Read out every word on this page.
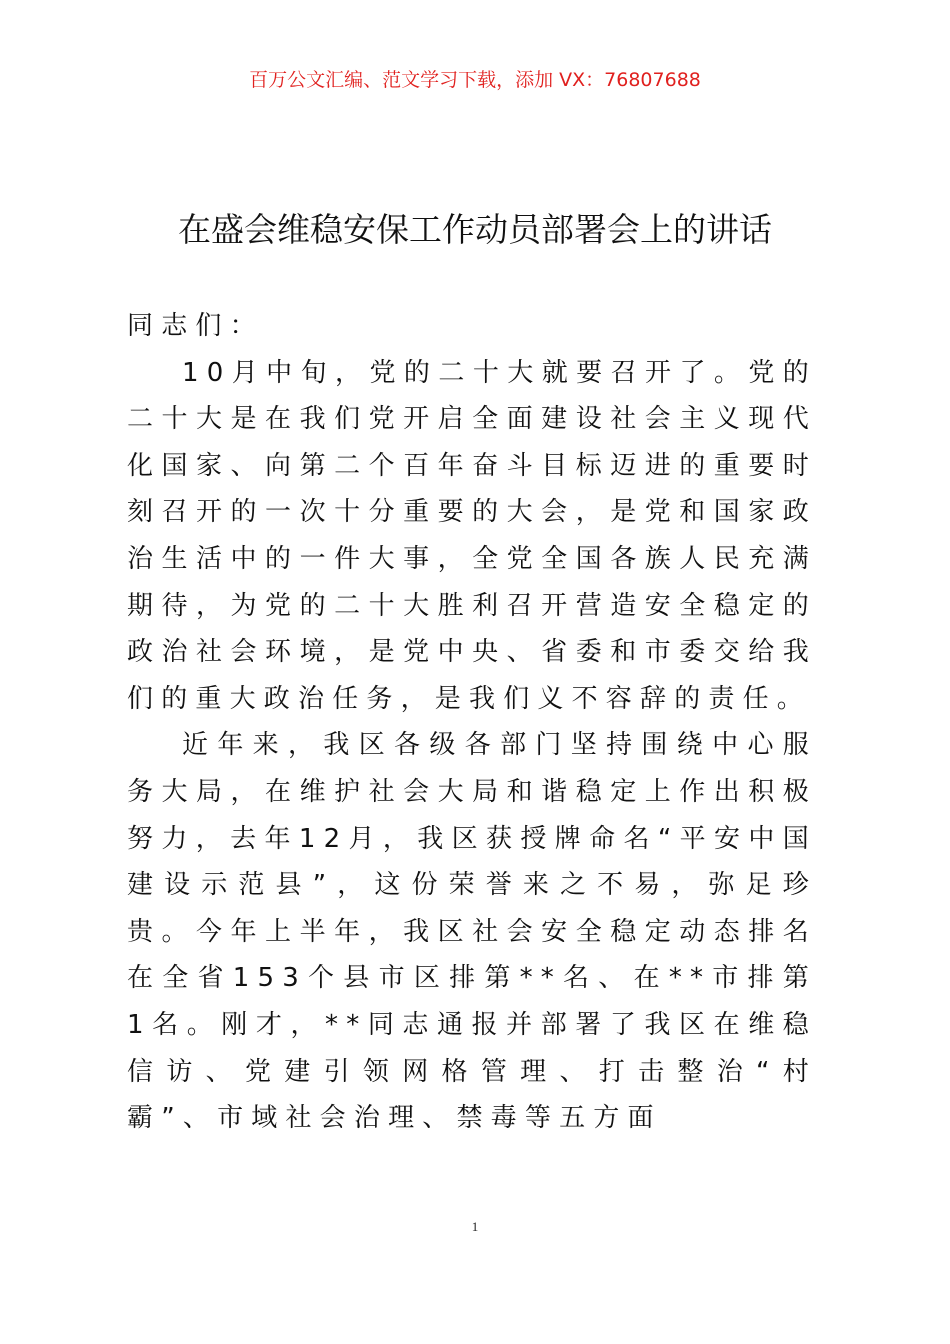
百万公文汇编、范文学习下载，添加 VX：76807688
在盛会维稳安保工作动员部署会上的讲话

同志们：

10月中旬，党的二十大就要召开了。党的二十大是在我们党开启全面建设社会主义现代化国家、向第二个百年奋斗目标迈进的重要时刻召开的一次十分重要的大会，是党和国家政治生活中的一件大事，全党全国各族人民充满期待，为党的二十大胜利召开营造安全稳定的政治社会环境，是党中央、省委和市委交给我们的重大政治任务，是我们义不容辞的责任。

近年来，我区各级各部门坚持围绕中心服务大局，在维护社会大局和谐稳定上作出积极努力，去年12月，我区获授牌命名“平安中国建设示范县”，这份荣誉来之不易，弥足珍贵。今年上半年，我区社会安全稳定动态排名在全省153个县市区排第**名、在**市排第1名。刚才，**同志通报并部署了我区在维稳信访、党建引领网格管理、打击整治“村霸”、市域社会治理、禁毒等五方面

1
